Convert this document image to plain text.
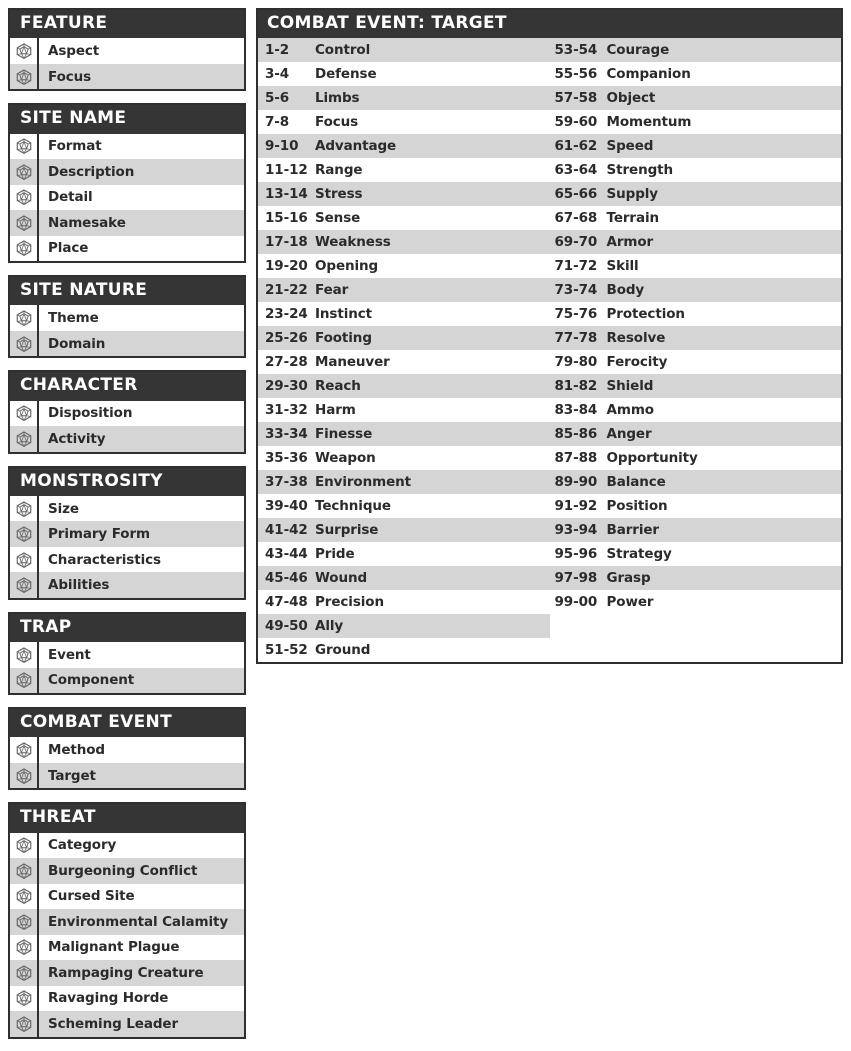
FEATURE
Aspect
Focus
SITE NAME
Format
Description
Detail
Namesake
Place
SITE NATURE
Theme
Domain
CHARACTER
Disposition
Activity
MONSTROSITY
Size
Primary Form
Characteristics
Abilities
TRAP
Event
Component
COMBAT EVENT
Method
Target
THREAT
Category
Burgeoning Conflict
Cursed Site
Environmental Calamity
Malignant Plague
Rampaging Creature
Ravaging Horde
Scheming Leader
COMBAT EVENT: TARGET
1-2	Control	53-54 Courage
3-4	Defense	55-56 Companion
5-6	Limbs	57-58 Object
7-8	Focus	59-60 Momentum
9-10	Advantage	61-62 Speed
11-12 Range	63-64 Strength
13-14 Stress	65-66 Supply
15-16 Sense	67-68 Terrain
17-18 Weakness	69-70 Armor
19-20 Opening	71-72 Skill
21-22 Fear	73-74 Body
23-24 Instinct	75-76 Protection
25-26 Footing	77-78 Resolve
27-28 Maneuver	79-80 Ferocity
29-30 Reach	81-82 Shield
31-32 Harm	83-84 Ammo
33-34 Finesse	85-86 Anger
35-36 Weapon	87-88 Opportunity
37-38 Environment	89-90 Balance
39-40 Technique	91-92 Position
41-42 Surprise	93-94 Barrier
43-44 Pride	95-96 Strategy
45-46 Wound	97-98 Grasp
47-48 Precision	99-00 Power
49-50 Ally
51-52 Ground
